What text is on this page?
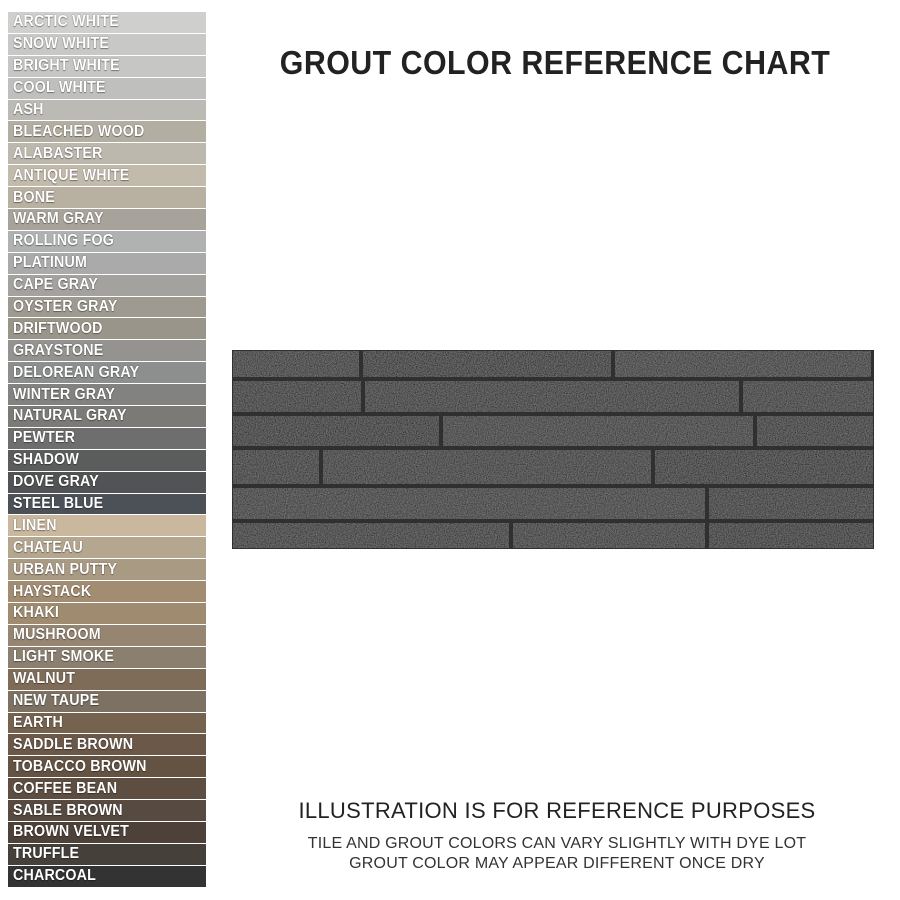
ARCTIC WHITE
SNOW WHITE
BRIGHT WHITE
COOL WHITE
ASH
BLEACHED WOOD
ALABASTER
ANTIQUE WHITE
BONE
WARM GRAY
ROLLING FOG
PLATINUM
CAPE GRAY
OYSTER GRAY
DRIFTWOOD
GRAYSTONE
DELOREAN GRAY
WINTER GRAY
NATURAL GRAY
PEWTER
SHADOW
DOVE GRAY
STEEL BLUE
LINEN
CHATEAU
URBAN PUTTY
HAYSTACK
KHAKI
MUSHROOM
LIGHT SMOKE
WALNUT
NEW TAUPE
EARTH
SADDLE BROWN
TOBACCO BROWN
COFFEE BEAN
SABLE BROWN
BROWN VELVET
TRUFFLE
CHARCOAL
GROUT COLOR REFERENCE CHART
ILLUSTRATION IS FOR REFERENCE PURPOSES

TILE AND GROUT COLORS CAN VARY SLIGHTLY WITH DYE LOT

GROUT COLOR MAY APPEAR DIFFERENT ONCE DRY
